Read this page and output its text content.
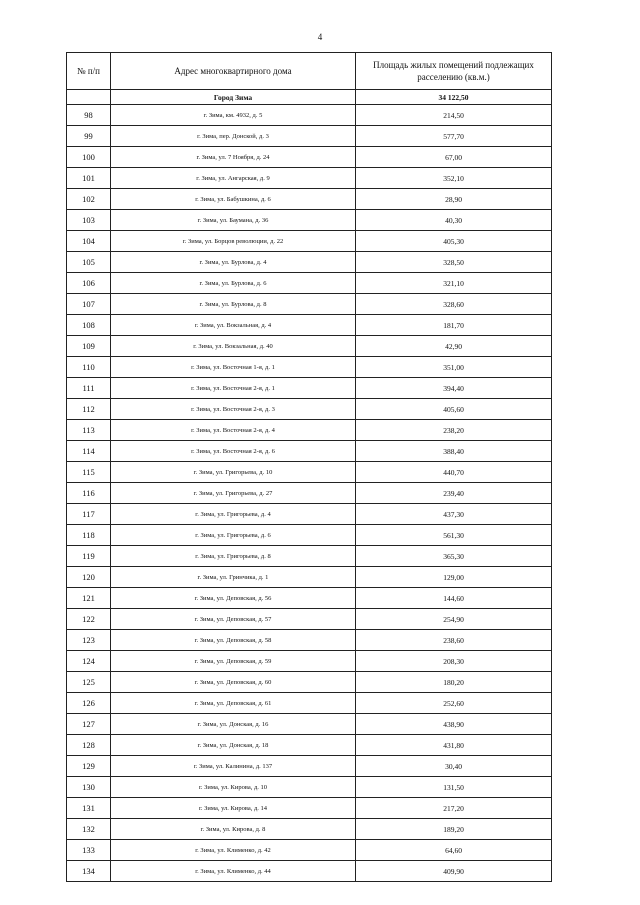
4
№ п/п	Адрес многоквартирного дома	Площадь жилых помещений подлежащих расселению (кв.м.)
	Город Зима	34 122,50
98	г. Зима, км. 4932, д. 5	214,50
99	г. Зима, пер. Донской, д. 3	577,70
100	г. Зима, ул. 7 Ноября, д. 24	67,00
101	г. Зима, ул. Ангарская, д. 9	352,10
102	г. Зима, ул. Бабушкина, д. 6	28,90
103	г. Зима, ул. Баумана, д. 36	40,30
104	г. Зима, ул. Борцов революции, д. 22	405,30
105	г. Зима, ул. Бурлова, д. 4	328,50
106	г. Зима, ул. Бурлова, д. 6	321,10
107	г. Зима, ул. Бурлова, д. 8	328,60
108	г. Зима, ул. Вокзальная, д. 4	181,70
109	г. Зима, ул. Вокзальная, д. 40	42,90
110	г. Зима, ул. Восточная 1-я, д. 1	351,00
111	г. Зима, ул. Восточная 2-я, д. 1	394,40
112	г. Зима, ул. Восточная 2-я, д. 3	405,60
113	г. Зима, ул. Восточная 2-я, д. 4	238,20
114	г. Зима, ул. Восточная 2-я, д. 6	388,40
115	г. Зима, ул. Григорьева, д. 10	440,70
116	г. Зима, ул. Григорьева, д. 27	239,40
117	г. Зима, ул. Григорьева, д. 4	437,30
118	г. Зима, ул. Григорьева, д. 6	561,30
119	г. Зима, ул. Григорьева, д. 8	365,30
120	г. Зима, ул. Гринчика, д. 1	129,00
121	г. Зима, ул. Деповская, д. 56	144,60
122	г. Зима, ул. Деповская, д. 57	254,90
123	г. Зима, ул. Деповская, д. 58	238,60
124	г. Зима, ул. Деповская, д. 59	208,30
125	г. Зима, ул. Деповская, д. 60	180,20
126	г. Зима, ул. Деповская, д. 61	252,60
127	г. Зима, ул. Донская, д. 16	438,90
128	г. Зима, ул. Донская, д. 18	431,80
129	г. Зима, ул. Калинина, д. 137	30,40
130	г. Зима, ул. Кирова, д. 10	131,50
131	г. Зима, ул. Кирова, д. 14	217,20
132	г. Зима, ул. Кирова, д. 8	189,20
133	г. Зима, ул. Клименко, д. 42	64,60
134	г. Зима, ул. Клименко, д. 44	409,90
